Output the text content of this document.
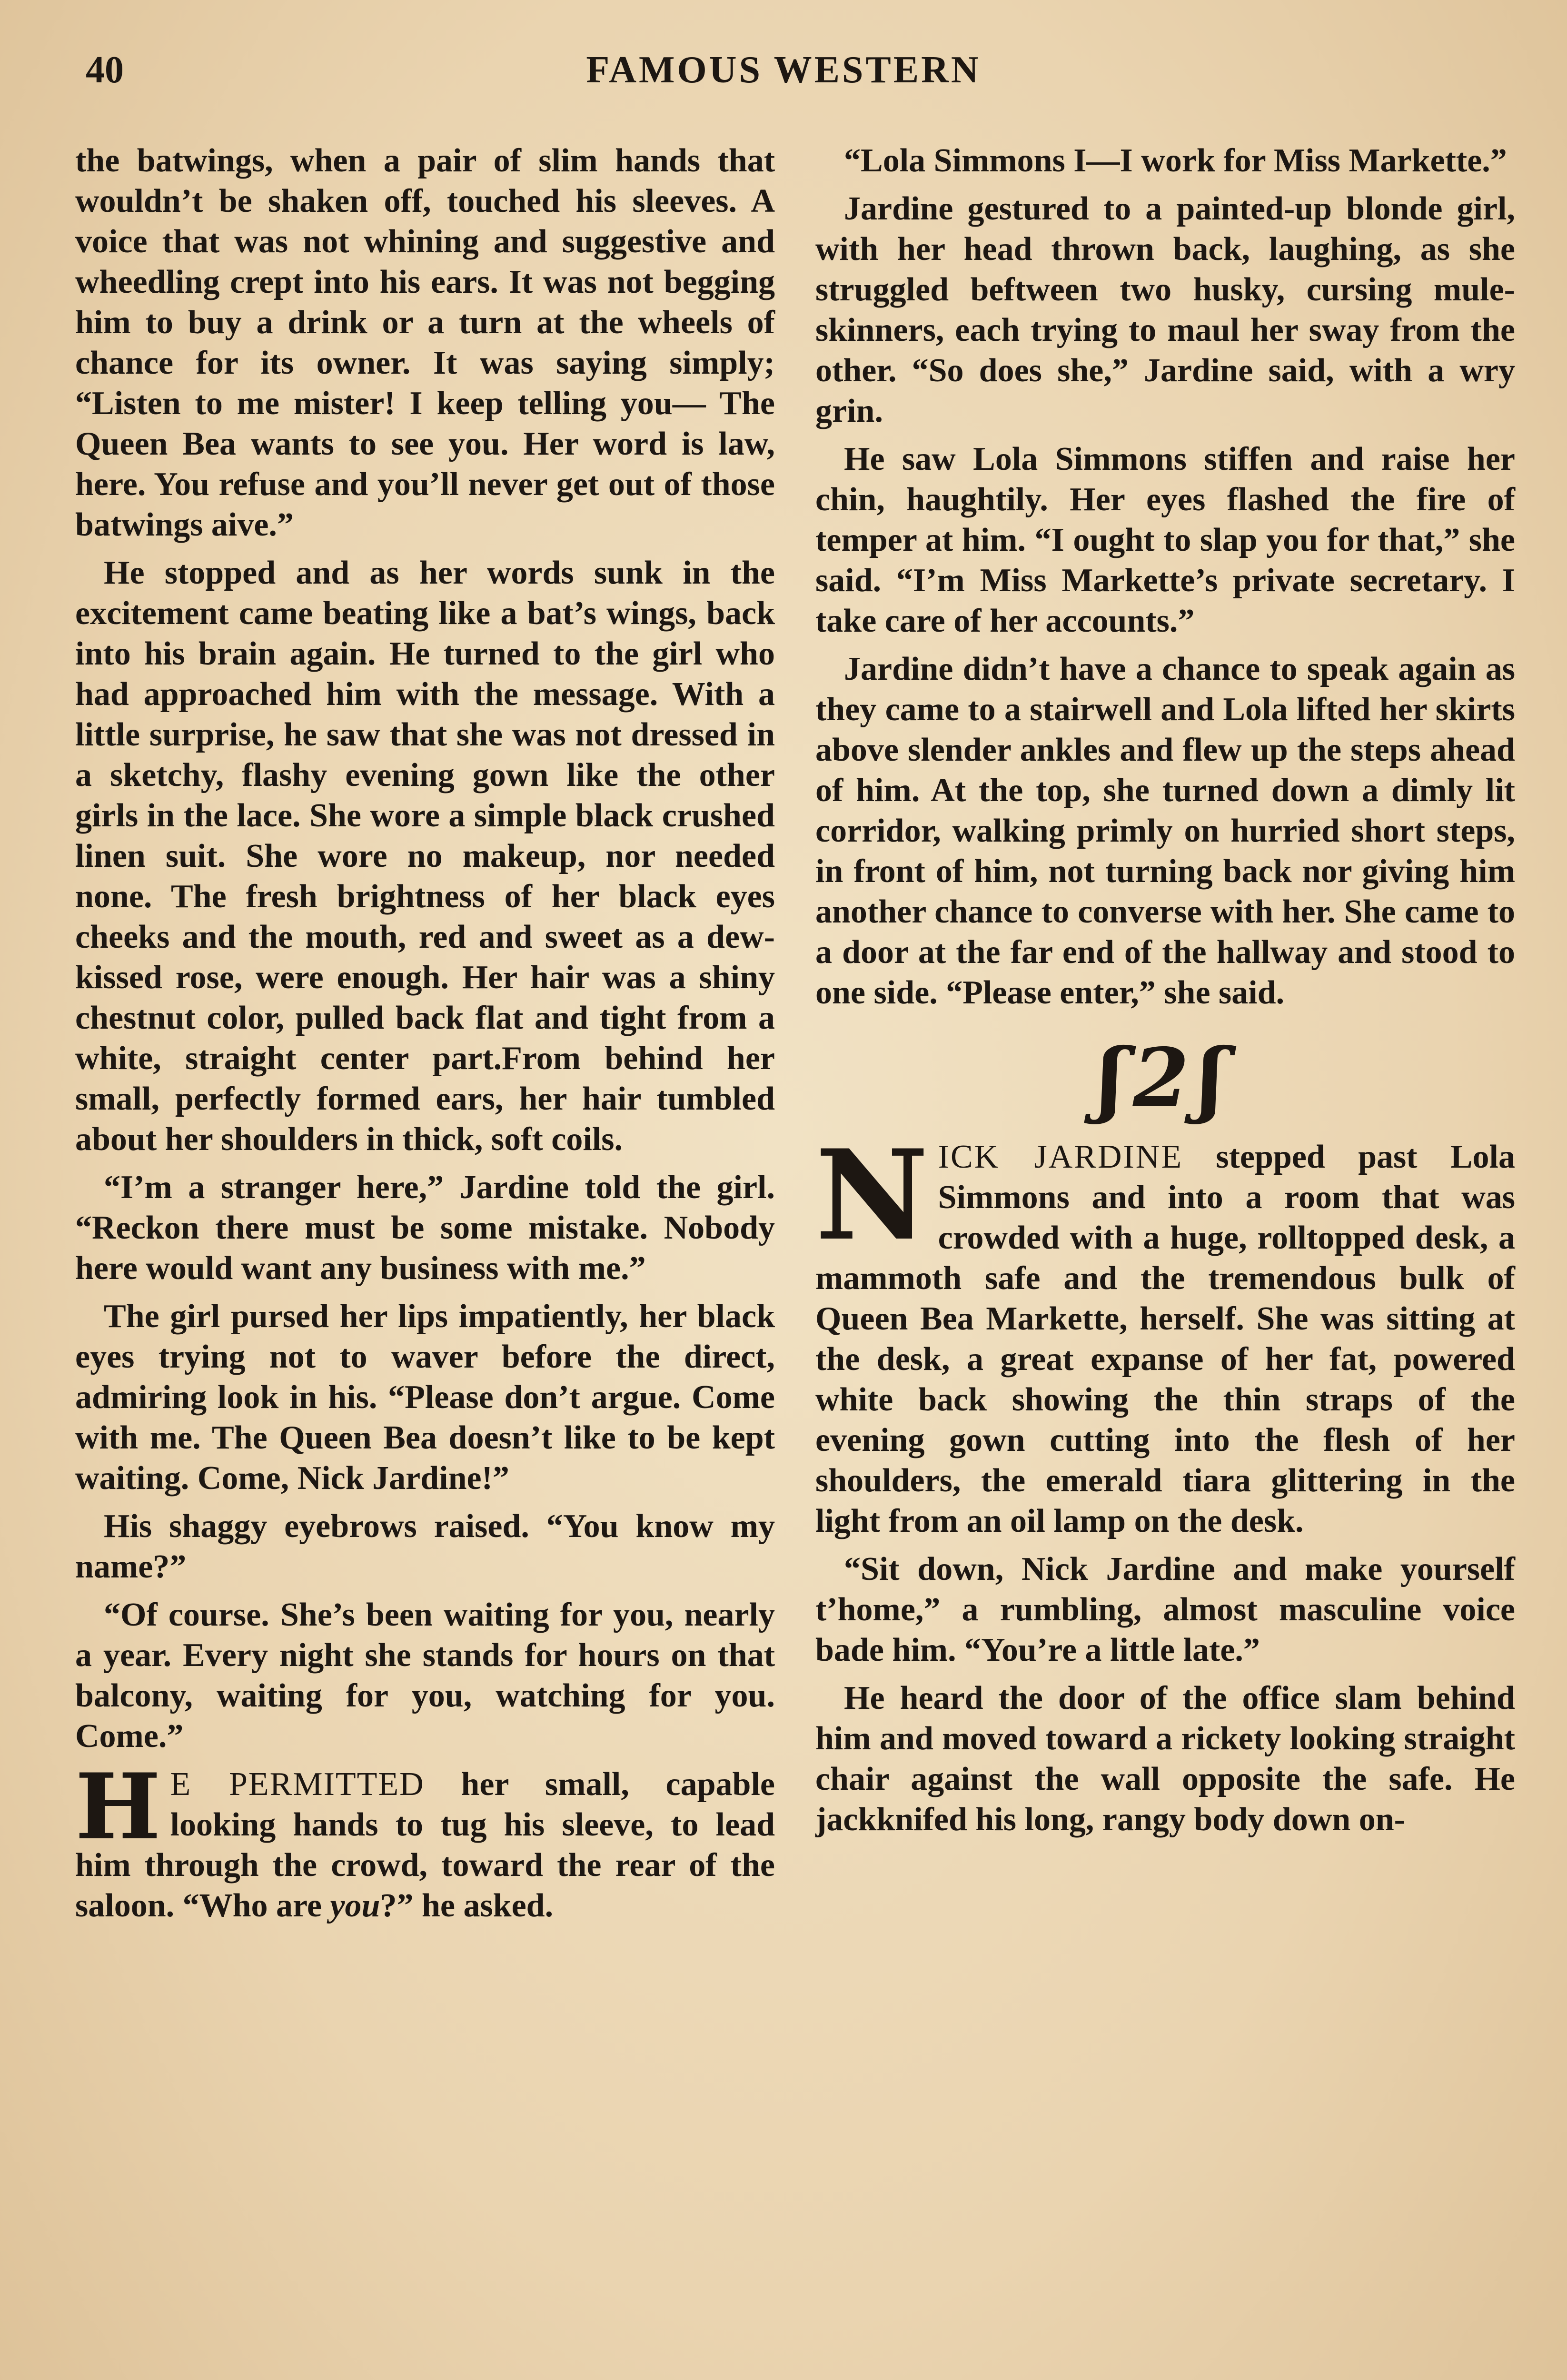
40	FAMOUS WESTERN

the batwings, when a pair of slim hands that wouldn’t be shaken off, touched his sleeves. A voice that was not whining and suggestive and wheedling crept into his ears. It was not begging him to buy a drink or a turn at the wheels of chance for its owner. It was saying simply; “Listen to me mister! I keep telling you— The Queen Bea wants to see you. Her word is law, here. You refuse and you’ll never get out of those batwings aive.”

He stopped and as her words sunk in the excitement came beating like a bat’s wings, back into his brain again. He turned to the girl who had approached him with the message. With a little surprise, he saw that she was not dressed in a sketchy, flashy evening gown like the other girls in the lace. She wore a simple black crushed linen suit. She wore no makeup, nor needed none. The fresh brightness of her black eyes cheeks and the mouth, red and sweet as a dew-kissed rose, were enough. Her hair was a shiny chestnut color, pulled back flat and tight from a white, straight center part.From behind her small, perfectly formed ears, her hair tumbled about her shoulders in thick, soft coils.

“I’m a stranger here,” Jardine told the girl. “Reckon there must be some mistake. Nobody here would want any business with me.”

The girl pursed her lips impatiently, her black eyes trying not to waver before the direct, admiring look in his. “Please don’t argue. Come with me. The Queen Bea doesn’t like to be kept waiting. Come, Nick Jardine!”

His shaggy eyebrows raised. “You know my name?”

“Of course. She’s been waiting for you, nearly a year. Every night she stands for hours on that balcony, waiting for you, watching for you. Come.”

H E PERMITTED her small, capable looking hands to tug his sleeve, to lead him through the crowd, toward the rear of the saloon. “Who are you?” he asked.

“Lola Simmons I—I work for Miss Markette.”

Jardine gestured to a painted-up blonde girl, with her head thrown back, laughing, as she struggled beftween two husky, cursing mule-skinners, each trying to maul her sway from the other. “So does she,” Jardine said, with a wry grin.

He saw Lola Simmons stiffen and raise her chin, haughtily. Her eyes flashed the fire of temper at him. “I ought to slap you for that,” she said. “I’m Miss Markette’s private secretary. I take care of her accounts.”

Jardine didn’t have a chance to speak again as they came to a stairwell and Lola lifted her skirts above slender ankles and flew up the steps ahead of him. At the top, she turned down a dimly lit corridor, walking primly on hurried short steps, in front of him, not turning back nor giving him another chance to converse with her. She came to a door at the far end of the hallway and stood to one side. “Please enter,” she said.

ʃ2ʃ

NICK JARDINE stepped past Lola Simmons and into a room that was crowded with a huge, rolltopped desk, a mammoth safe and the tremendous bulk of Queen Bea Markette, herself. She was sitting at the desk, a great expanse of her fat, powered white back showing the thin straps of the evening gown cutting into the flesh of her shoulders, the emerald tiara glittering in the light from an oil lamp on the desk.

“Sit down, Nick Jardine and make yourself t’home,” a rumbling, almost masculine voice bade him. “You’re a little late.”

He heard the door of the office slam behind him and moved toward a rickety looking straight chair against the wall opposite the safe. He jackknifed his long, rangy body down on-
